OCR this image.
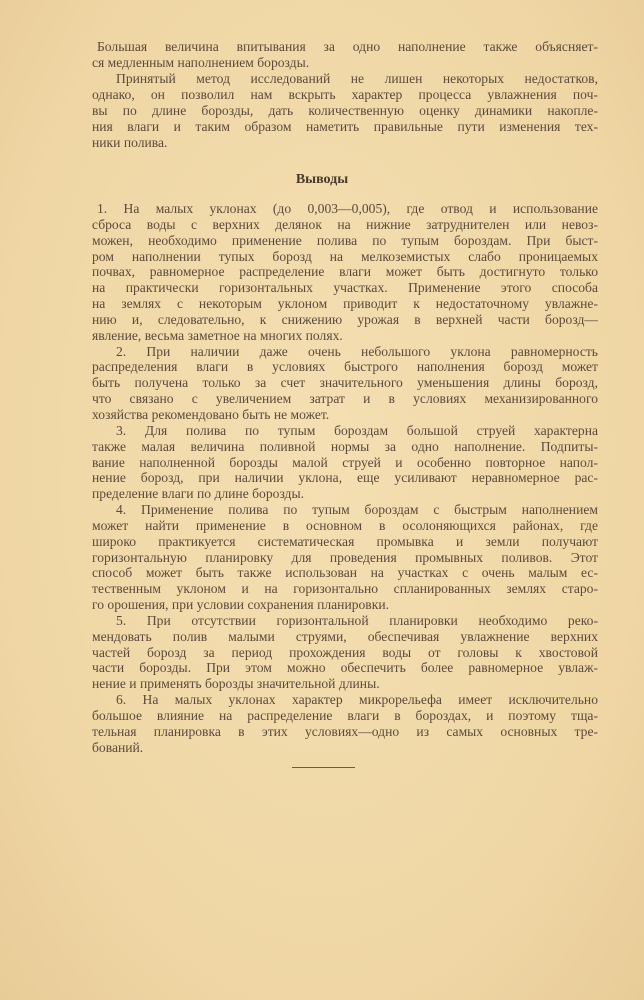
Большая величина впитывания за одно наполнение также объясняет-
ся медленным наполнением борозды.
Принятый метод исследований не лишен некоторых недостатков,
однако, он позволил нам вскрыть характер процесса увлажнения поч-
вы по длине борозды, дать количественную оценку динамики накопле-
ния влаги и таким образом наметить правильные пути изменения тех-
ники полива.
Выводы
1. На малых уклонах (до 0,003—0,005), где отвод и использование
сброса воды с верхних делянок на нижние затруднителен или невоз-
можен, необходимо применение полива по тупым бороздам. При быст-
ром наполнении тупых борозд на мелкоземистых слабо проницаемых
почвах, равномерное распределение влаги может быть достигнуто только
на практически горизонтальных участках. Применение этого способа
на землях с некоторым уклоном приводит к недостаточному увлажне-
нию и, следовательно, к снижению урожая в верхней части борозд—
явление, весьма заметное на многих полях.
2. При наличии даже очень небольшого уклона равномерность
распределения влаги в условиях быстрого наполнения борозд может
быть получена только за счет значительного уменьшения длины борозд,
что связано с увеличением затрат и в условиях механизированного
хозяйства рекомендовано быть не может.
3. Для полива по тупым бороздам большой струей характерна
также малая величина поливной нормы за одно наполнение. Подпиты-
вание наполненной борозды малой струей и особенно повторное напол-
нение борозд, при наличии уклона, еще усиливают неравномерное рас-
пределение влаги по длине борозды.
4. Применение полива по тупым бороздам с быстрым наполнением
может найти применение в основном в осолоняющихся районах, где
широко практикуется систематическая промывка и земли получают
горизонтальную планировку для проведения промывных поливов. Этот
способ может быть также использован на участках с очень малым ес-
тественным уклоном и на горизонтально спланированных землях старо-
го орошения, при условии сохранения планировки.
5. При отсутствии горизонтальной планировки необходимо реко-
мендовать полив малыми струями, обеспечивая увлажнение верхних
частей борозд за период прохождения воды от головы к хвостовой
части борозды. При этом можно обеспечить более равномерное увлаж-
нение и применять борозды значительной длины.
6. На малых уклонах характер микрорельефа имеет исключительно
большое влияние на распределение влаги в бороздах, и поэтому тща-
тельная планировка в этих условиях—одно из самых основных тре-
бований.
